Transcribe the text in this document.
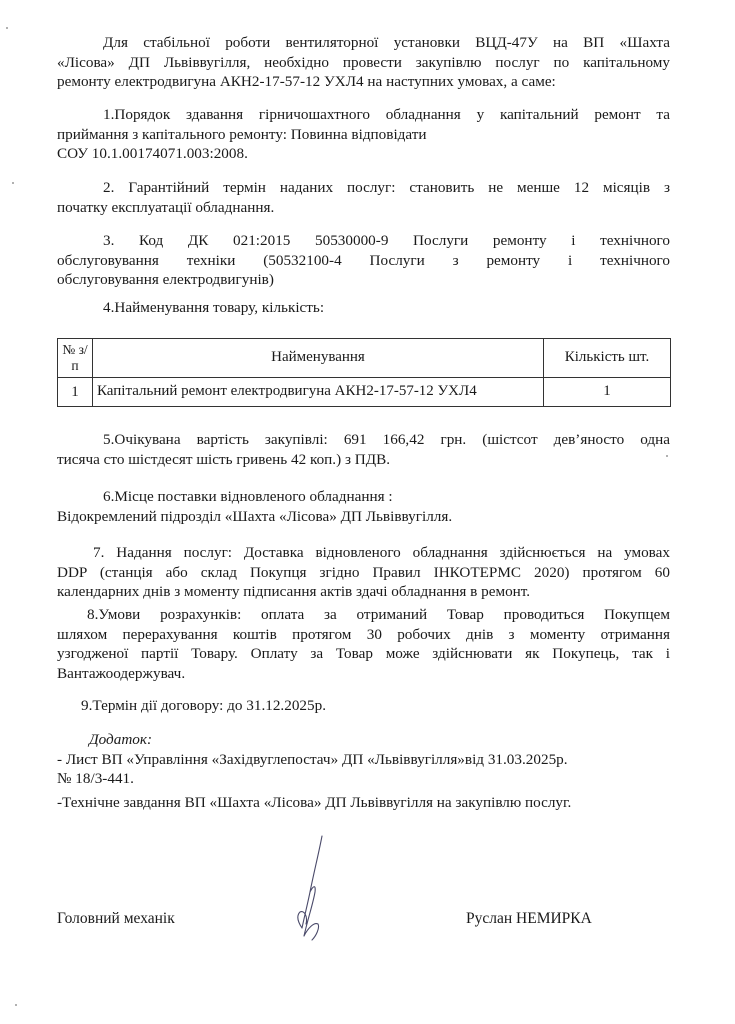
Для стабільної роботи вентиляторної установки ВЦД-47У на ВП «Шахта
«Лісова» ДП Львіввугілля, необхідно провести закупівлю послуг по капітальному
ремонту електродвигуна АКН2-17-57-12 УХЛ4 на наступних умовах, а саме:
1.Порядок здавання гірничошахтного обладнання у капітальний ремонт та
приймання з капітального ремонту: Повинна відповідати
СОУ 10.1.00174071.003:2008.
2. Гарантійний термін наданих послуг: становить не менше 12 місяців з
початку експлуатації обладнання.
3. Код ДК 021:2015 50530000-9 Послуги ремонту і технічного
обслуговування техніки (50532100-4 Послуги з ремонту і технічного
обслуговування електродвигунів)
4.Найменування товару, кількість:
№ з/п	Найменування	Кількість шт.
1	Капітальний ремонт електродвигуна АКН2-17-57-12 УХЛ4	1
5.Очікувана вартість закупівлі: 691 166,42 грн. (шістсот дев’яносто одна
тисяча сто шістдесят шість гривень 42 коп.) з ПДВ.
6.Місце поставки відновленого обладнання :
Відокремлений підрозділ «Шахта «Лісова» ДП Львіввугілля.
7. Надання послуг: Доставка відновленого обладнання здійснюється на умовах
DDP (станція або склад Покупця згідно Правил ІНКОТЕРМС 2020) протягом 60
календарних днів з моменту підписання актів здачі обладнання в ремонт.
8.Умови розрахунків: оплата за отриманий Товар проводиться Покупцем
шляхом перерахування коштів протягом 30 робочих днів з моменту отримання
узгодженої партії Товару. Оплату за Товар може здійснювати як Покупець, так і
Вантажоодержувач.
9.Термін дії договору: до 31.12.2025р.
Додаток:
- Лист ВП «Управління «Західвуглепостач» ДП «Львіввугілля»від 31.03.2025р.
№ 18/3-441.
-Технічне завдання ВП «Шахта «Лісова» ДП Львіввугілля на закупівлю послуг.
Головний механік	Руслан НЕМИРКА
